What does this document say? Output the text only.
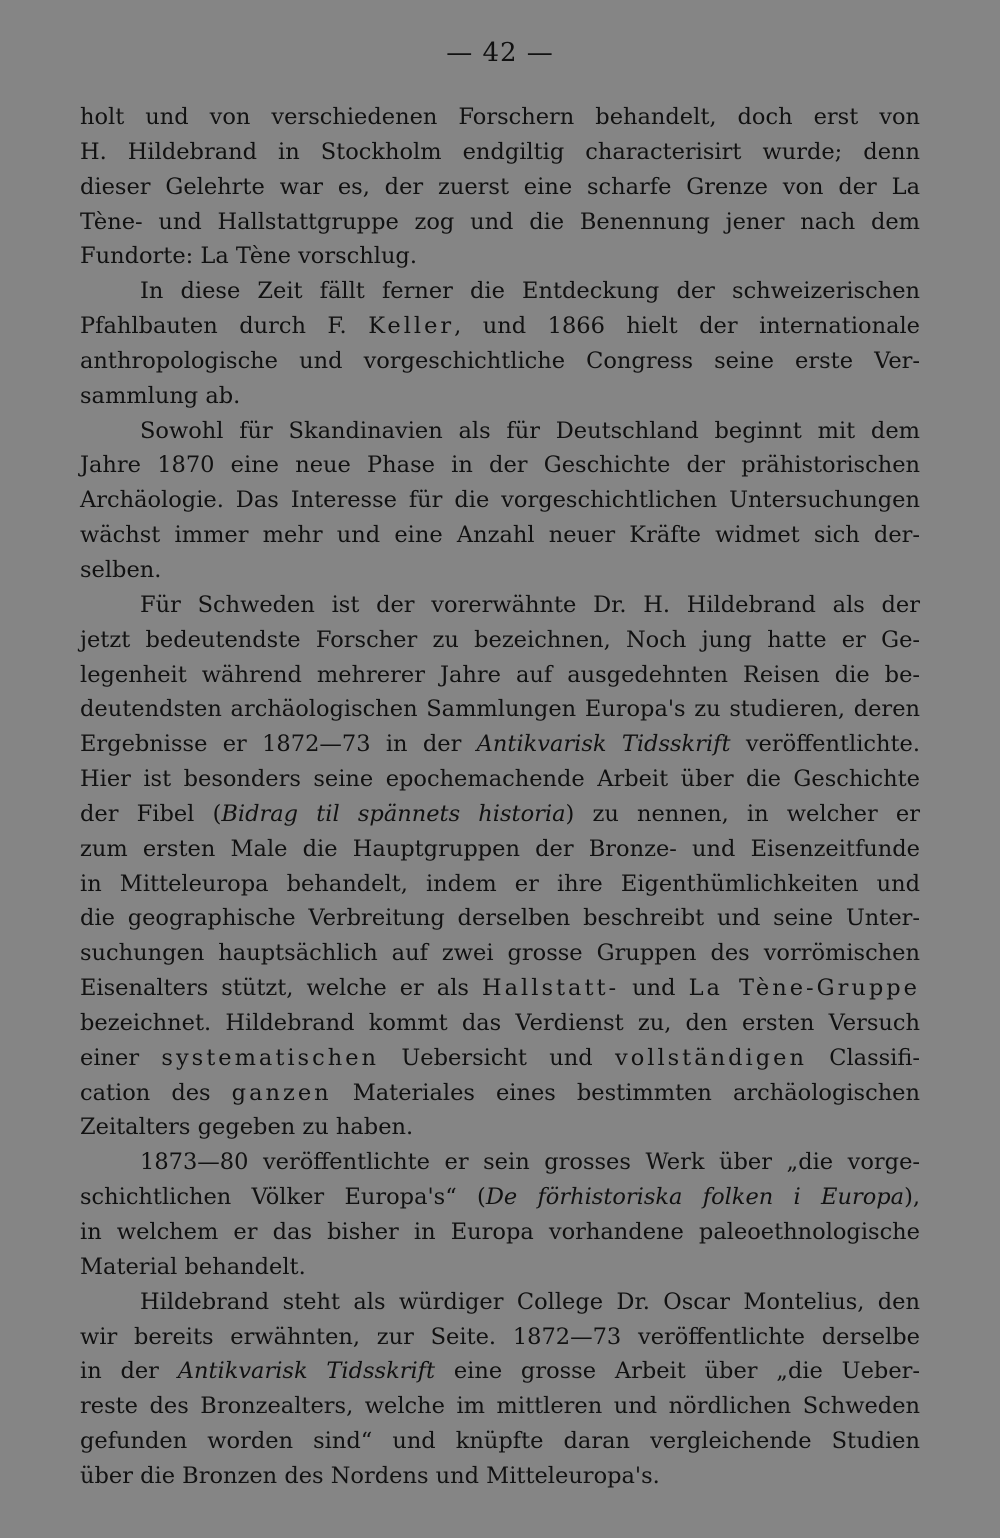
— 42 —
holt und von verschiedenen Forschern behandelt, doch erst von
H. Hildebrand in Stockholm endgiltig characterisirt wurde; denn
dieser Gelehrte war es, der zuerst eine scharfe Grenze von der La
Tène- und Hallstattgruppe zog und die Benennung jener nach dem
Fundorte: La Tène vorschlug.
In diese Zeit fällt ferner die Entdeckung der schweizerischen
Pfahlbauten durch F. Keller, und 1866 hielt der internationale
anthropologische und vorgeschichtliche Congress seine erste Ver-
sammlung ab.
Sowohl für Skandinavien als für Deutschland beginnt mit dem
Jahre 1870 eine neue Phase in der Geschichte der prähistorischen
Archäologie. Das Interesse für die vorgeschichtlichen Untersuchungen
wächst immer mehr und eine Anzahl neuer Kräfte widmet sich der-
selben.
Für Schweden ist der vorerwähnte Dr. H. Hildebrand als der
jetzt bedeutendste Forscher zu bezeichnen, Noch jung hatte er Ge-
legenheit während mehrerer Jahre auf ausgedehnten Reisen die be-
deutendsten archäologischen Sammlungen Europa's zu studieren, deren
Ergebnisse er 1872—73 in der Antikvarisk Tidsskrift veröffentlichte.
Hier ist besonders seine epochemachende Arbeit über die Geschichte
der Fibel (Bidrag til spännets historia) zu nennen, in welcher er
zum ersten Male die Hauptgruppen der Bronze- und Eisenzeitfunde
in Mitteleuropa behandelt, indem er ihre Eigenthümlichkeiten und
die geographische Verbreitung derselben beschreibt und seine Unter-
suchungen hauptsächlich auf zwei grosse Gruppen des vorrömischen
Eisenalters stützt, welche er als Hallstatt- und La Tène-Gruppe
bezeichnet. Hildebrand kommt das Verdienst zu, den ersten Versuch
einer systematischen Uebersicht und vollständigen Classifi-
cation des ganzen Materiales eines bestimmten archäologischen
Zeitalters gegeben zu haben.
1873—80 veröffentlichte er sein grosses Werk über „die vorge-
schichtlichen Völker Europa's“ (De förhistoriska folken i Europa),
in welchem er das bisher in Europa vorhandene paleoethnologische
Material behandelt.
Hildebrand steht als würdiger College Dr. Oscar Montelius, den
wir bereits erwähnten, zur Seite. 1872—73 veröffentlichte derselbe
in der Antikvarisk Tidsskrift eine grosse Arbeit über „die Ueber-
reste des Bronzealters, welche im mittleren und nördlichen Schweden
gefunden worden sind“ und knüpfte daran vergleichende Studien
über die Bronzen des Nordens und Mitteleuropa's.
